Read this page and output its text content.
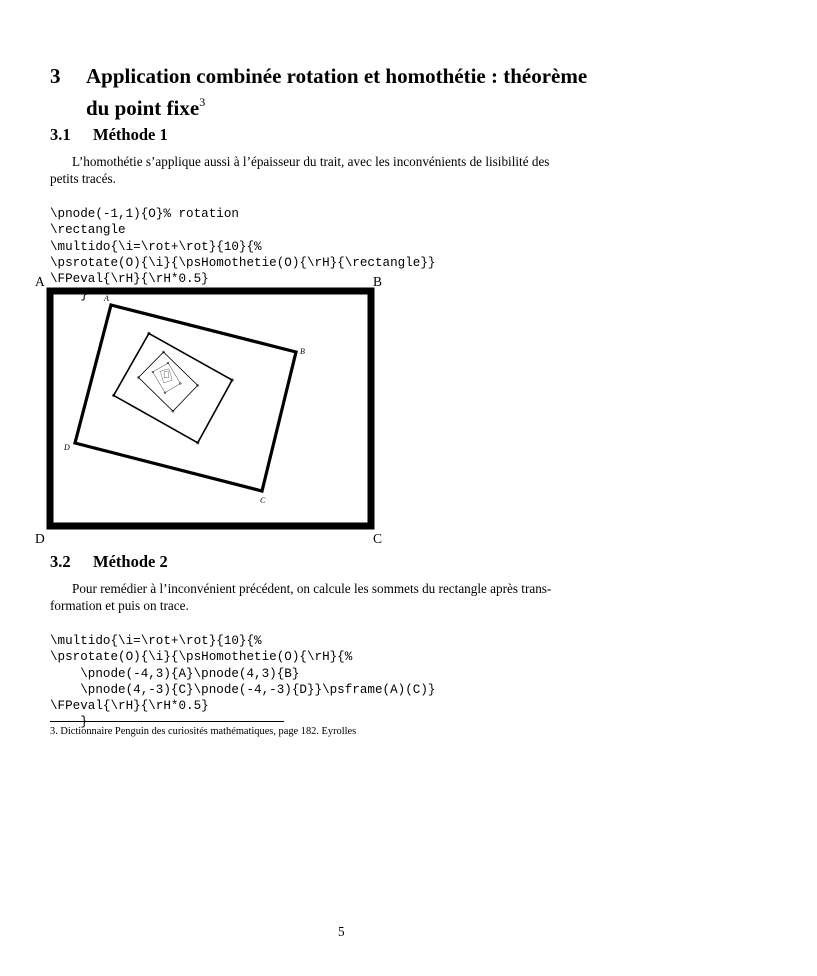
3 Application combinée rotation et homothétie : théorème
du point fixe$^3$
3.1 Méthode 1
L’homothétie s’applique aussi à l’épaisseur du trait, avec les inconvénients de lisibilité des
petits tracés.

\pnode(-1,1){O}% rotation
\rectangle
\multido{\i=\rot+\rot}{10}{%
\psrotate(O){\i}{\psHomothetie(O){\rH}{\rectangle}}
\FPeval{\rH}{\rH*0.5}
}

A	B
C
D
A
B
C
D
3.2 Méthode 2
Pour remédier à l’inconvénient précédent, on calcule les sommets du rectangle après trans-
formation et puis on trace.

\multido{\i=\rot+\rot}{10}{%
\psrotate(O){\i}{\psHomothetie(O){\rH}{%
\pnode(-4,3){A}\pnode(4,3){B}
\pnode(4,-3){C}\pnode(-4,-3){D}}\psframe(A)(C)}
\FPeval{\rH}{\rH*0.5}
}

3. Dictionnaire Penguin des curiosités mathématiques, page 182. Eyrolles
5
